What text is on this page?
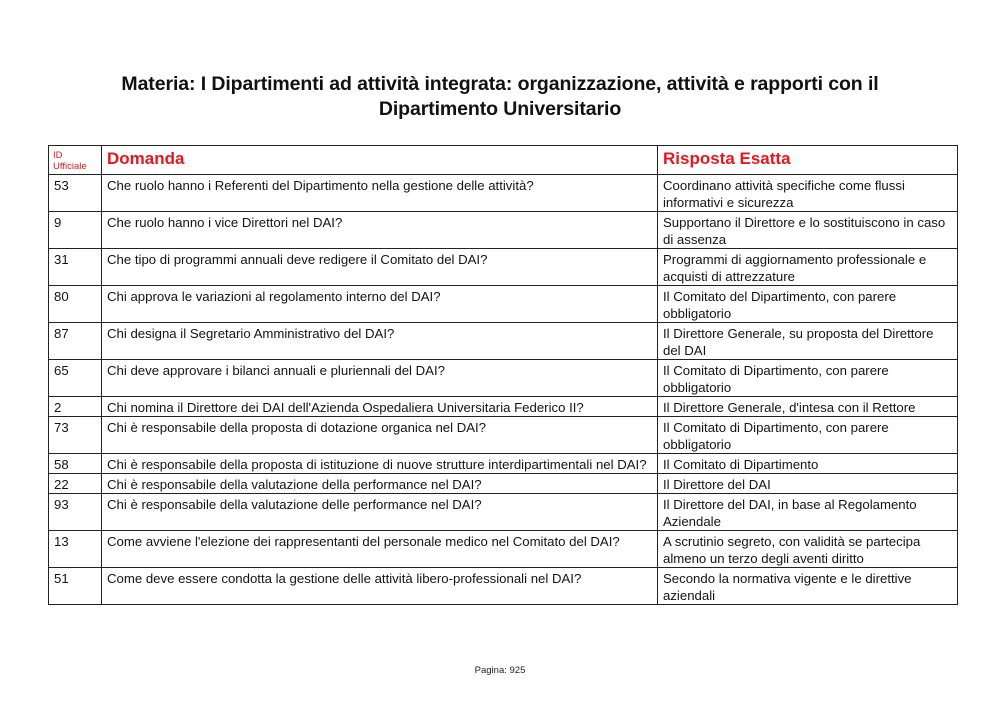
Materia: I Dipartimenti ad attività integrata: organizzazione, attività e rapporti con il
Dipartimento Universitario
ID Ufficiale	Domanda	Risposta Esatta
53	Che ruolo hanno i Referenti del Dipartimento nella gestione delle attività?	Coordinano attività specifiche come flussi informativi e sicurezza
9	Che ruolo hanno i vice Direttori nel DAI?	Supportano il Direttore e lo sostituiscono in caso di assenza
31	Che tipo di programmi annuali deve redigere il Comitato del DAI?	Programmi di aggiornamento professionale e acquisti di attrezzature
80	Chi approva le variazioni al regolamento interno del DAI?	Il Comitato del Dipartimento, con parere obbligatorio
87	Chi designa il Segretario Amministrativo del DAI?	Il Direttore Generale, su proposta del Direttore del DAI
65	Chi deve approvare i bilanci annuali e pluriennali del DAI?	Il Comitato di Dipartimento, con parere obbligatorio
2	Chi nomina il Direttore dei DAI dell'Azienda Ospedaliera Universitaria Federico II?	Il Direttore Generale, d'intesa con il Rettore
73	Chi è responsabile della proposta di dotazione organica nel DAI?	Il Comitato di Dipartimento, con parere obbligatorio
58	Chi è responsabile della proposta di istituzione di nuove strutture interdipartimentali nel DAI?	Il Comitato di Dipartimento
22	Chi è responsabile della valutazione della performance nel DAI?	Il Direttore del DAI
93	Chi è responsabile della valutazione delle performance nel DAI?	Il Direttore del DAI, in base al Regolamento Aziendale
13	Come avviene l'elezione dei rappresentanti del personale medico nel Comitato del DAI?	A scrutinio segreto, con validità se partecipa almeno un terzo degli aventi diritto
51	Come deve essere condotta la gestione delle attività libero-professionali nel DAI?	Secondo la normativa vigente e le direttive aziendali
Pagina: 925
